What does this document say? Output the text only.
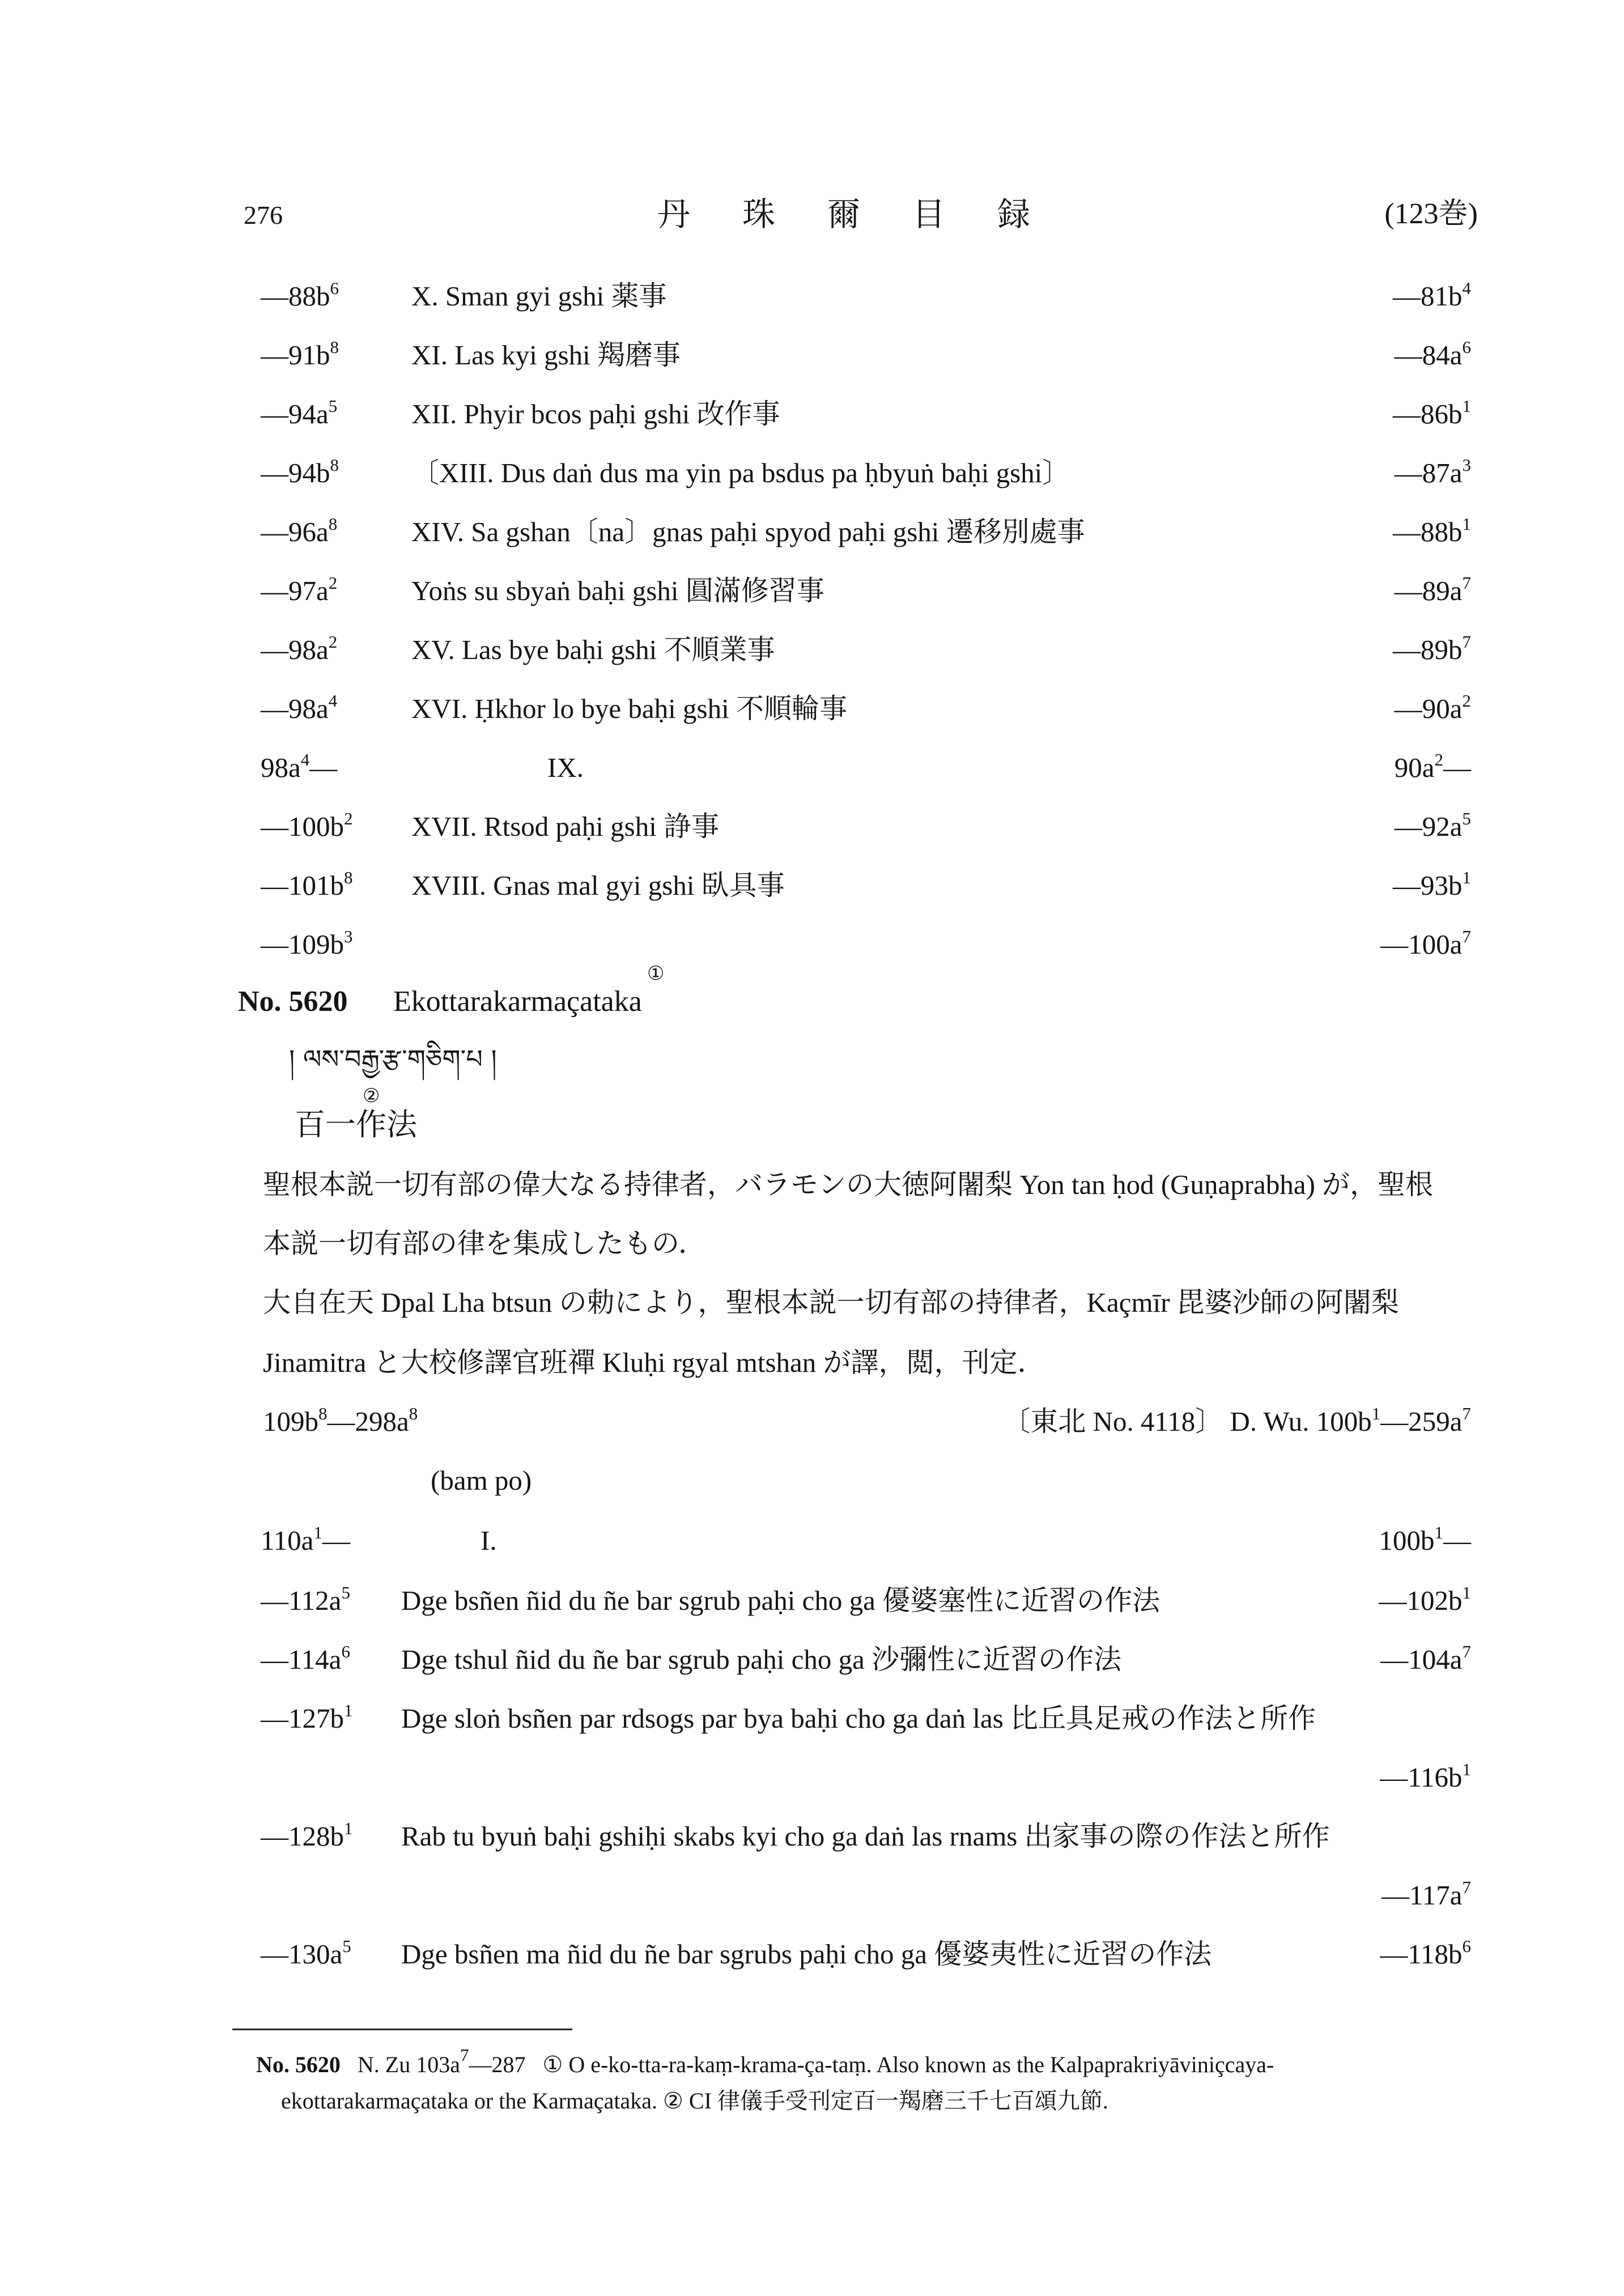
276	丹珠爾目録	(123巻)
$—88b^6$	X. Sman gyi gshi 薬事	$—81b^4$
$—91b^8$	XI. Las kyi gshi 羯磨事	$—84a^6$
$—94a^5$	XII. Phyir bcos paḥi gshi 改作事	$—86b^1$
$—94b^8$	〔XIII. Dus daṅ dus ma yin pa bsdus pa ḥbyuṅ baḥi gshi〕	$—87a^3$
$—96a^8$	XIV. Sa gshan〔na〕gnas paḥi spyod paḥi gshi 遷移別處事	$—88b^1$
$—97a^2$	Yoṅs su sbyaṅ baḥi gshi 圓滿修習事	$—89a^7$
$—98a^2$	XV. Las bye baḥi gshi 不順業事	$—89b^7$
$—98a^4$	XVI. Ḥkhor lo bye baḥi gshi 不順輪事	$—90a^2$
$98a^4—$	IX.	$90a^2—$
$—100b^2$ XVII. Rtsod paḥi gshi 諍事	$—92a^5$
$—101b^8$ XVIII. Gnas mal gyi gshi 臥具事	$—93b^1$
$—109b^3$	$—100a^7$
No. 5620 Ekottarakarmaçataka
①
། ལས་བརྒྱ་རྩ་གཅིག་པ །
百一作法
②
聖根本説一切有部の偉大なる持律者，バラモンの大徳阿闍梨 Yon tan ḥod (Guṇaprabha) が，聖根
本説一切有部の律を集成したもの．
大自在天 Dpal Lha btsun の勅により，聖根本説一切有部の持律者，Kaçmīr 毘婆沙師の阿闍梨
Jinamitra と大校修譯官班禪 Kluḥi rgyal mtshan が譯，閲，刊定．
$109b^8—298a^8$	〔東北 No. 4118〕 D. Wu. $100b^1—259a^7$
(bam po)
$110a^1—$	I.	$100b^1—$
$—112a^5$ Dge bsñen ñid du ñe bar sgrub paḥi cho ga 優婆塞性に近習の作法	$—102b^1$
$—114a^6$ Dge tshul ñid du ñe bar sgrub paḥi cho ga 沙彌性に近習の作法	$—104a^7$
$—127b^1$ Dge sloṅ bsñen par rdsogs par bya baḥi cho ga daṅ las 比丘具足戒の作法と所作
$—116b^1$
$—128b^1$ Rab tu byuṅ baḥi gshiḥi skabs kyi cho ga daṅ las rnams 出家事の際の作法と所作
$—117a^7$
$—130a^5$ Dge bsñen ma ñid du ñe bar sgrubs paḥi cho ga 優婆夷性に近習の作法	$—118b^6$
No. 5620 N. Zu $103a^7—287$ ① O e-ko-tta-ra-kaṃ-krama-ça-taṃ. Also known as the Kalpaprakriyāviniçcaya-
ekottarakarmaçataka or the Karmaçataka. ② CI 律儀手受刊定百一羯磨三千七百頌九節.
